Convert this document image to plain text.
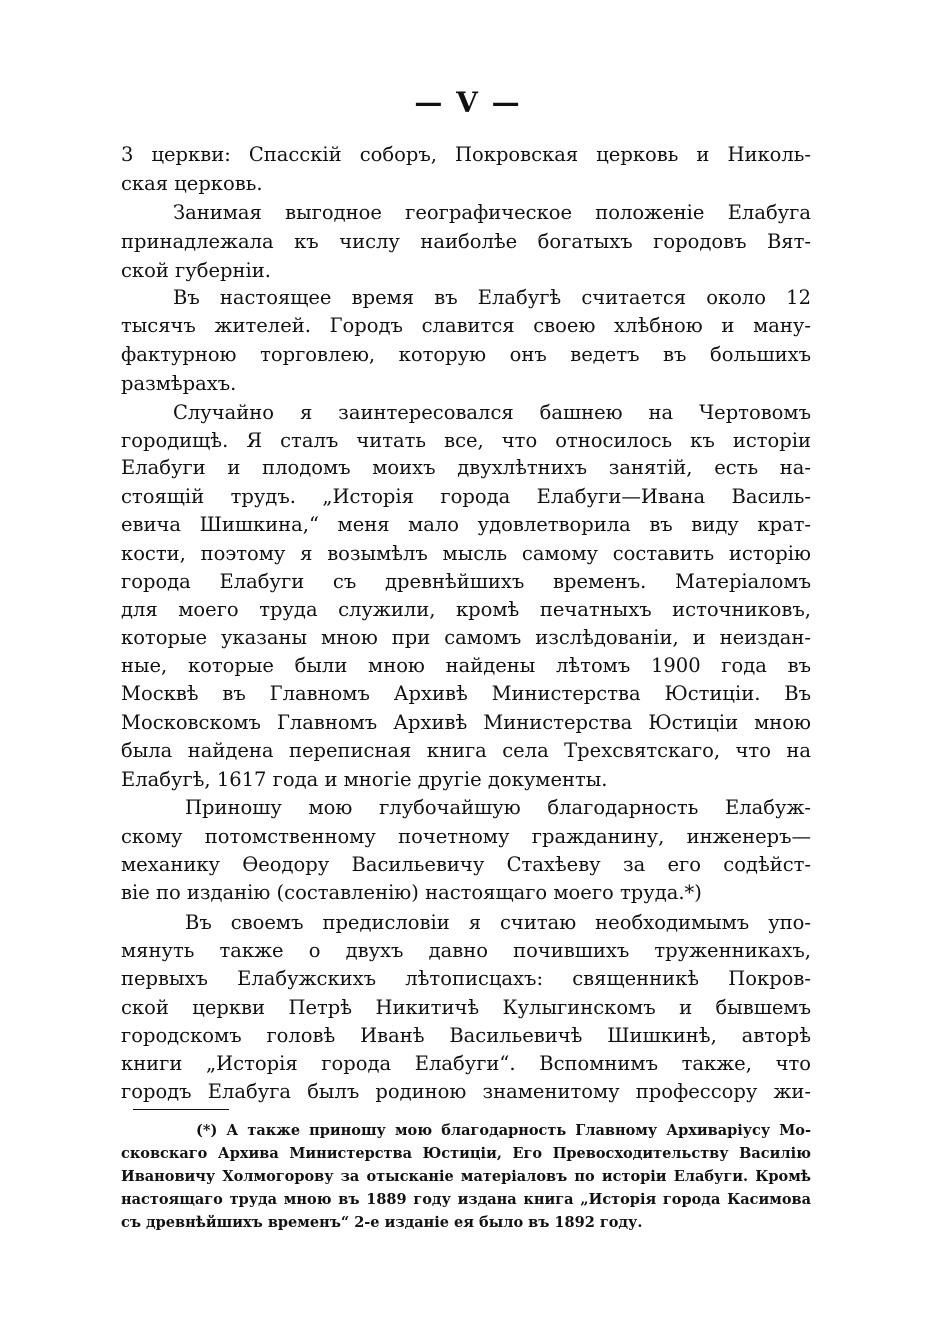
— V —
3 церкви: Спасскій соборъ, Покровская церковь и Николь-
ская церковь.
Занимая выгодное географическое положеніе Елабуга
принадлежала къ числу наиболѣе богатыхъ городовъ Вят-
ской губерніи.
Въ настоящее время въ Елабугѣ считается около 12
тысячъ жителей. Городъ славится своею хлѣбною и ману-
фактурною торговлею, которую онъ ведетъ въ большихъ
размѣрахъ.
Случайно я заинтересовался башнею на Чертовомъ
городищѣ. Я сталъ читать все, что относилось къ исторіи
Елабуги и плодомъ моихъ двухлѣтнихъ занятій, есть на-
стоящій трудъ. „Исторія города Елабуги—Ивана Василь-
евича Шишкина,“ меня мало удовлетворила въ виду крат-
кости, поэтому я возымѣлъ мысль самому составить исторію
города Елабуги съ древнѣйшихъ временъ. Матеріаломъ
для моего труда служили, кромѣ печатныхъ источниковъ,
которые указаны мною при самомъ изслѣдованіи, и неиздан-
ные, которые были мною найдены лѣтомъ 1900 года въ
Москвѣ въ Главномъ Архивѣ Министерства Юстиціи. Въ
Московскомъ Главномъ Архивѣ Министерства Юстиціи мною
была найдена переписная книга села Трехсвятскаго, что на
Елабугѣ, 1617 года и многіе другіе документы.
Приношу мою глубочайшую благодарность Елабуж-
скому потомственному почетному гражданину, инженеръ—
механику Өеодору Васильевичу Стахѣеву за его содѣйст-
віе по изданію (составленію) настоящаго моего труда.*)
Въ своемъ предисловіи я считаю необходимымъ упо-
мянуть также о двухъ давно почившихъ труженникахъ,
первыхъ Елабужскихъ лѣтописцахъ: священникѣ Покров-
ской церкви Петрѣ Никитичѣ Кулыгинскомъ и бывшемъ
городскомъ головѣ Иванѣ Васильевичѣ Шишкинѣ, авторѣ
книги „Исторія города Елабуги“. Вспомнимъ также, что
городъ Елабуга былъ родиною знаменитому профессору жи-
(*) А также приношу мою благодарность Главному Архиваріусу Мо-
сковскаго Архива Министерства Юстиціи, Его Превосходительству Василію
Ивановичу Холмогорову за отысканіе матеріаловъ по исторіи Елабуги. Кромѣ
настоящаго труда мною въ 1889 году издана книга „Исторія города Касимова
съ древнѣйшихъ временъ“ 2-е изданіе ея было въ 1892 году.
